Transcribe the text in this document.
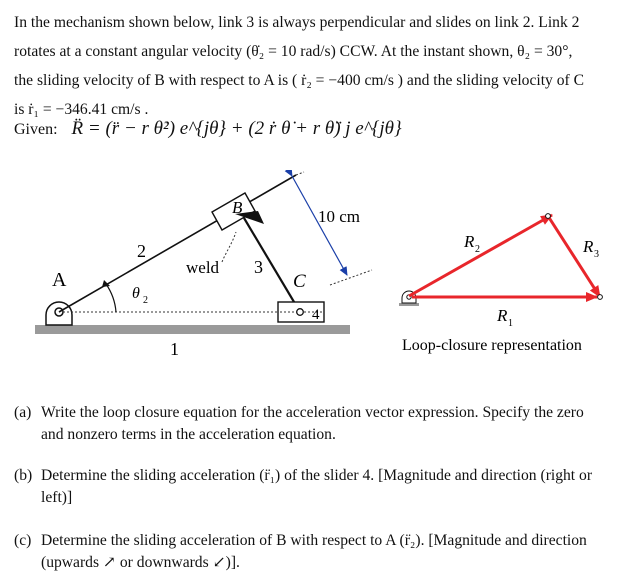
In the mechanism shown below, link 3 is always perpendicular and slides on link 2. Link 2
rotates at a constant angular velocity (θ̇₂ = 10 rad/s) CCW. At the instant shown, θ₂ = 30°,
the sliding velocity of B with respect to A is ( ṙ₂ = −400 cm/s ) and the sliding velocity of C
is ṙ₁ = −346.41 cm/s .
Given: R̈ = (r̈ − r θ̇²) e^{jθ} + (2 ṙ θ̇ + r θ̈) j e^{jθ}
A
B
C
2
3
4
1
weld
10 cm
θ 2
R 2	R 3
R 1
Loop-closure representation
(a) Write the loop closure equation for the acceleration vector expression. Specify the zero
and nonzero terms in the acceleration equation.
(b) Determine the sliding acceleration (r̈₁) of the slider 4. [Magnitude and direction (right or
left)]
(c) Determine the sliding acceleration of B with respect to A (r̈₂). [Magnitude and direction
(upwards ↗ or downwards ↙)].
